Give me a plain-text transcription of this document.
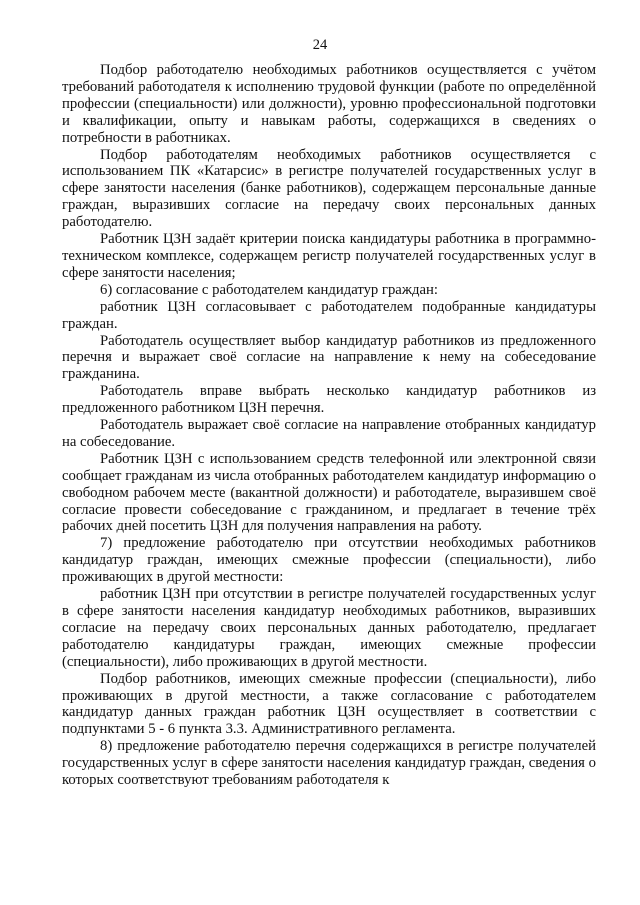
24

Подбор работодателю необходимых работников осуществляется с учётом требований работодателя к исполнению трудовой функции (работе по определённой профессии (специальности) или должности), уровню профессиональной подготовки и квалификации, опыту и навыкам работы, содержащихся в сведениях о потребности в работниках.

Подбор работодателям необходимых работников осуществляется с использованием ПК «Катарсис» в регистре получателей государственных услуг в сфере занятости населения (банке работников), содержащем персональные данные граждан, выразивших согласие на передачу своих персональных данных работодателю.

Работник ЦЗН задаёт критерии поиска кандидатуры работника в программно-техническом комплексе, содержащем регистр получателей государственных услуг в сфере занятости населения;

6) согласование с работодателем кандидатур граждан:

работник ЦЗН согласовывает с работодателем подобранные кандидатуры граждан.

Работодатель осуществляет выбор кандидатур работников из предложенного перечня и выражает своё согласие на направление к нему на собеседование гражданина.

Работодатель вправе выбрать несколько кандидатур работников из предложенного работником ЦЗН перечня.

Работодатель выражает своё согласие на направление отобранных кандидатур на собеседование.

Работник ЦЗН с использованием средств телефонной или электронной связи сообщает гражданам из числа отобранных работодателем кандидатур информацию о свободном рабочем месте (вакантной должности) и работодателе, выразившем своё согласие провести собеседование с гражданином, и предлагает в течение трёх рабочих дней посетить ЦЗН для получения направления на работу.

7) предложение работодателю при отсутствии необходимых работников кандидатур граждан, имеющих смежные профессии (специальности), либо проживающих в другой местности:

работник ЦЗН при отсутствии в регистре получателей государственных услуг в сфере занятости населения кандидатур необходимых работников, выразивших согласие на передачу своих персональных данных работодателю, предлагает работодателю кандидатуры граждан, имеющих смежные профессии (специальности), либо проживающих в другой местности.

Подбор работников, имеющих смежные профессии (специальности), либо проживающих в другой местности, а также согласование с работодателем кандидатур данных граждан работник ЦЗН осуществляет в соответствии с подпунктами 5 - 6 пункта 3.3. Административного регламента.

8) предложение работодателю перечня содержащихся в регистре получателей государственных услуг в сфере занятости населения кандидатур граждан, сведения о которых соответствуют требованиям работодателя к
